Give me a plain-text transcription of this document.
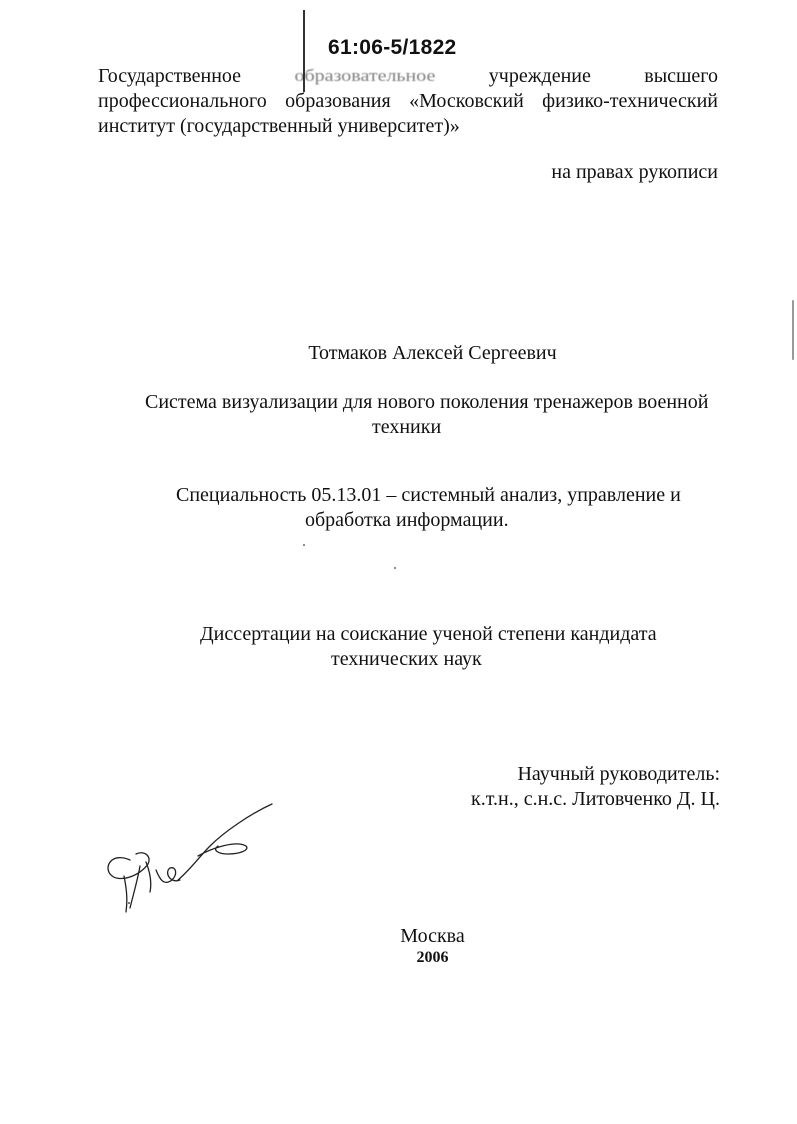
61:06-5/1822
Государственное	образовательное	учреждение	высшего
профессионального образования «Московский физико-технический
институт (государственный университет)»
на правах рукописи
Тотмаков Алексей Сергеевич
Система визуализации для нового поколения тренажеров военной
техники
Специальность 05.13.01 – системный анализ, управление и
обработка информации.
Диссертации на соискание ученой степени кандидата
технических наук
Научный руководитель:
к.т.н., с.н.с. Литовченко Д. Ц.
Москва
2006
